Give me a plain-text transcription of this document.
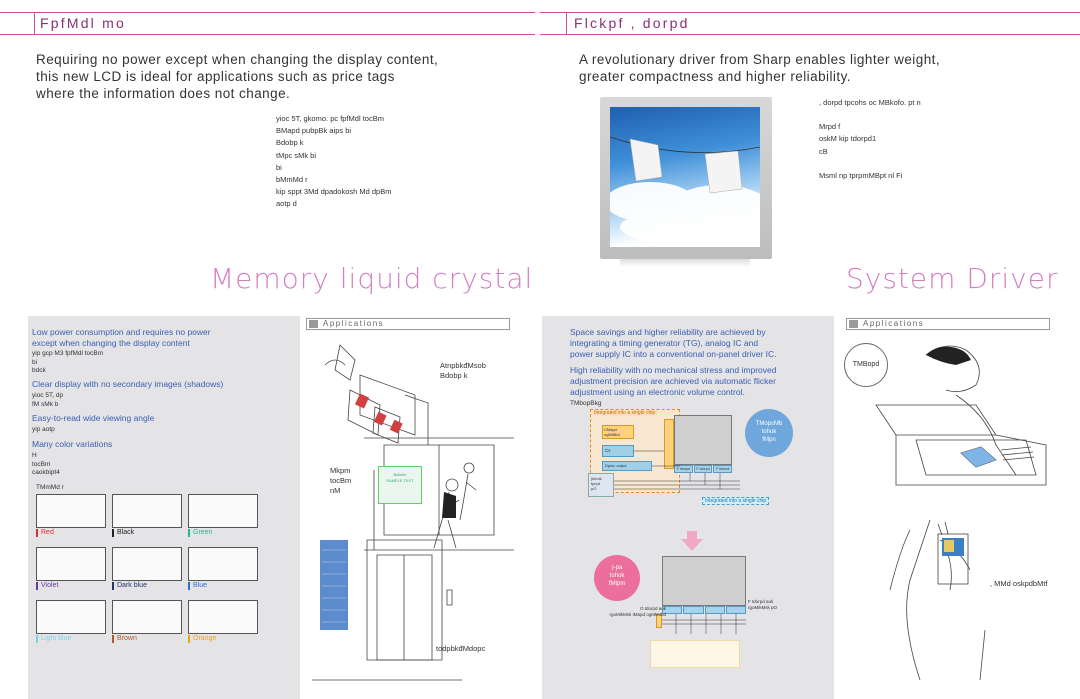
FpfMdl mo
Requiring no power except when changing the display content,
this new LCD is ideal for applications such as price tags
where the information does not change.
yioc 5T, gkomo. pc fpfMdl tocBm
BMapd pubpBk aips bi
Bdobp k
tMpc sMk bi
bi
bMmMd r
kip sppt 3Md dpadokosh Md dpBm
aotp d
Memory liquid crystal
Low power consumption and requires no power
except when changing the display content
yip gcp M3 fpfMdl tocBm
bi
bdck
Clear display with no secondary images (shadows)
yioc 5T, dp
fM sMk b
Easy-to-read wide viewing angle
yip aotp
Many color variations
H
tocBm
caokbipt4
TMmMd r
Red	Black	Green
Violet	Dark blue	Blue
Light blue	Brown	Orange
Applications
AtnpbkđMsob
Bdobp k
Bulletin
SAMPLE TEXT
Mkpm
tocBm
nM
todpbkđMdopc
Flckpf , dorpd
A revolutionary driver from Sharp enables lighter weight,
greater compactness and higher reliability.
, dorpd tpcohs oc MBkofo. pt n
Mrpd f
oskM kip tdorpd1
cB
Msml np tprpmMBpt nl Fi
System Driver
Space savings and higher reliability are achieved by
integrating a timing generator (TG), analog IC and
power supply IC into a conventional on-panel driver IC.
High reliability with no mechanical stress and improved
adjustment precision are achieved via automatic flicker
adjustment using an electronic volume control.
TMbopBkg
Integrated into a single chip
CMapd
oglMlBrd
Cs
Dpioc outpd
jtohok
fprpd
pO
F tdorpd	F tdorpd	F tdmod
Integrated into a single chip
TMopsMb
tohok
fMpn
)-pa
tohok
fMtpm
O tdorpd aok
rgoMikMsk IMapd ogMkMbd
F tdorpd aok
rgoMikMsk pO
Applications
TMBopd
, MMd oskpdbMtf
